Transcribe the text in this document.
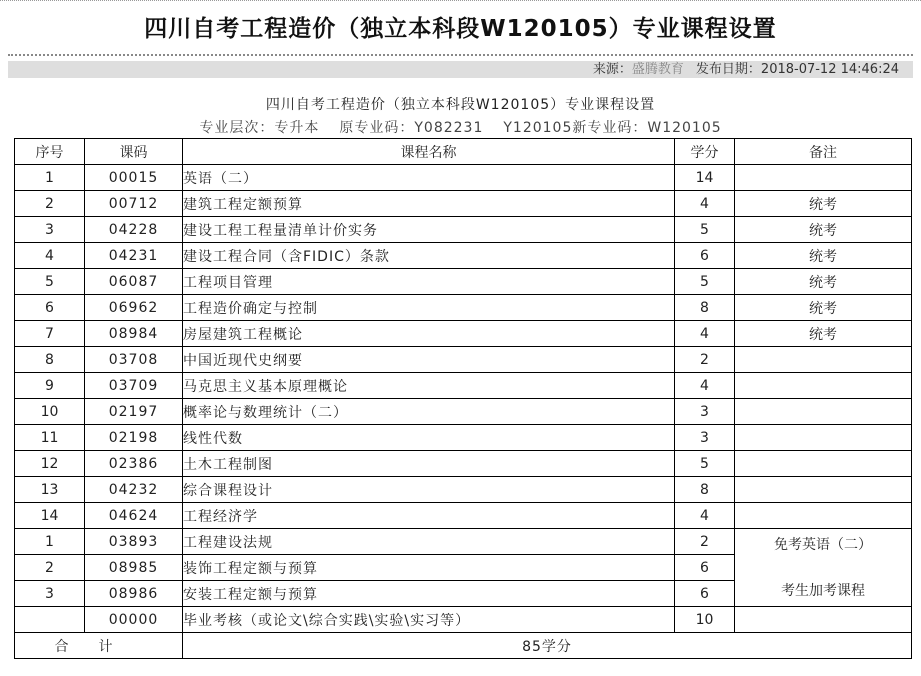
四川自考工程造价（独立本科段W120105）专业课程设置
来源：盛腾教育 发布日期：2018-07-12 14:46:24
四川自考工程造价（独立本科段W120105）专业课程设置
专业层次：专升本 原专业码：Y082231 Y120105新专业码：W120105
序号	课码	课程名称	学分	备注
1	00015	英语（二）	14	
2	00712	建筑工程定额预算	4	统考
3	04228	建设工程工程量清单计价实务	5	统考
4	04231	建设工程合同（含FIDIC）条款	6	统考
5	06087	工程项目管理	5	统考
6	06962	工程造价确定与控制	8	统考
7	08984	房屋建筑工程概论	4	统考
8	03708	中国近现代史纲要	2	
9	03709	马克思主义基本原理概论	4	
10	02197	概率论与数理统计（二）	3	
11	02198	线性代数	3	
12	02386	土木工程制图	5	
13	04232	综合课程设计	8	
14	04624	工程经济学	4	
1	03893	工程建设法规	2	免考英语（二）
考生加考课程

2	08985	装饰工程定额与预算	6	
3	08986	安装工程定额与预算	6	
	00000	毕业考核（或论文\综合实践\实验\实习等）	10	
合计		85学分		
